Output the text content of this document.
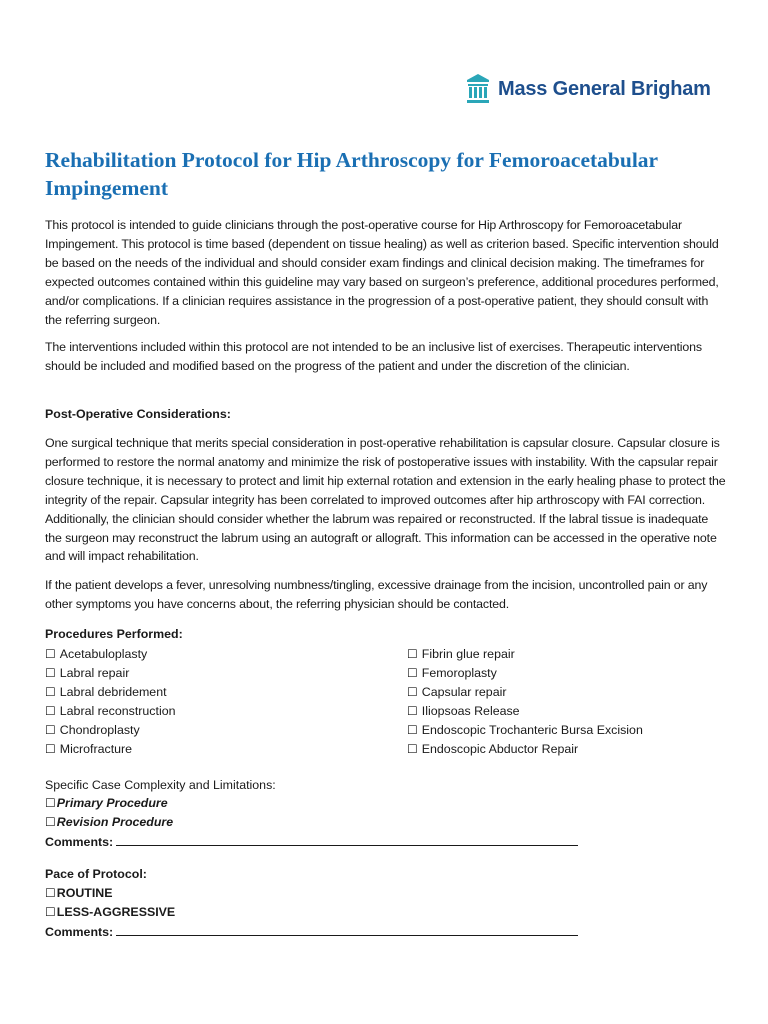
Mass General Brigham
Rehabilitation Protocol for Hip Arthroscopy for Femoroacetabular Impingement

This protocol is intended to guide clinicians through the post-operative course for Hip Arthroscopy for Femoroacetabular Impingement. This protocol is time based (dependent on tissue healing) as well as criterion based. Specific intervention should be based on the needs of the individual and should consider exam findings and clinical decision making. The timeframes for expected outcomes contained within this guideline may vary based on surgeon’s preference, additional procedures performed, and/or complications. If a clinician requires assistance in the progression of a post-operative patient, they should consult with the referring surgeon.

The interventions included within this protocol are not intended to be an inclusive list of exercises. Therapeutic interventions should be included and modified based on the progress of the patient and under the discretion of the clinician.

Post-Operative Considerations:

One surgical technique that merits special consideration in post-operative rehabilitation is capsular closure. Capsular closure is performed to restore the normal anatomy and minimize the risk of postoperative issues with instability. With the capsular repair closure technique, it is necessary to protect and limit hip external rotation and extension in the early healing phase to protect the integrity of the repair. Capsular integrity has been correlated to improved outcomes after hip arthroscopy with FAI correction. Additionally, the clinician should consider whether the labrum was repaired or reconstructed. If the labral tissue is inadequate the surgeon may reconstruct the labrum using an autograft or allograft. This information can be accessed in the operative note and will impact rehabilitation.

If the patient develops a fever, unresolving numbness/tingling, excessive drainage from the incision, uncontrolled pain or any other symptoms you have concerns about, the referring physician should be contacted.

Procedures Performed:

☐ Acetabuloplasty
☐ Labral repair
☐ Labral debridement
☐ Labral reconstruction
☐ Chondroplasty
☐ Microfracture
☐ Fibrin glue repair
☐ Femoroplasty
☐ Capsular repair
☐ Iliopsoas Release
☐ Endoscopic Trochanteric Bursa Excision
☐ Endoscopic Abductor Repair

Specific Case Complexity and Limitations:

☐ Primary Procedure

☐ Revision Procedure

Comments:

Pace of Protocol:

☐ ROUTINE

☐ LESS-AGGRESSIVE

Comments:
